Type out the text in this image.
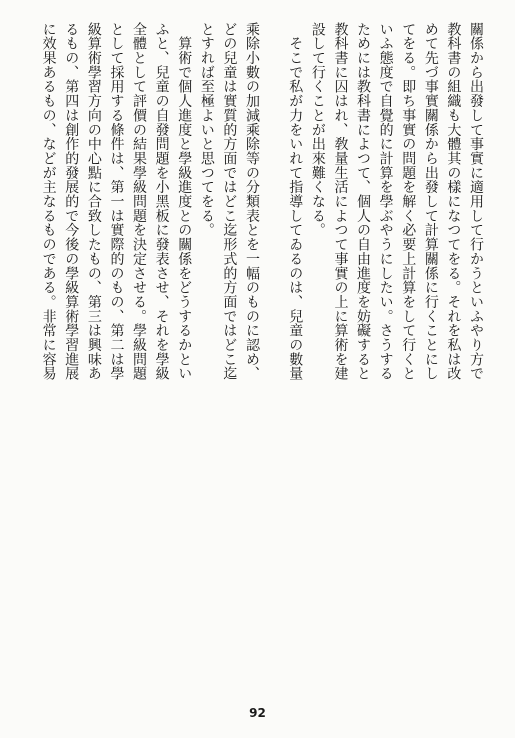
關係から出發して事實に適用して行かうといふやり方で
教科書の組織も大體其の樣になつてをる。それを私は改
めて先づ事實關係から出發して計算關係に行くことにし
てをる。即ち事實の問題を解く必要上計算をして行くと
いふ態度で自覺的に計算を學ぶやうにしたい。さうする
ためには教科書によつて、個人の自由進度を妨礙すると
教科書に囚はれ、敎量生活によつて事實の上に算術を建
設して行くことが出來難くなる。
　そこで私が力をいれて指導してゐるのは、兒童の數量
乘除小數の加減乘除等の分類表とを一幅のものに認め、
どの兒童は實質的方面ではどこ迄形式的方面ではどこ迄
とすれば至極よいと思つてをる。
　算術で個人進度と學級進度との關係をどうするかとい
ふと、兒童の自發問題を小黑板に發表させ、それを學級
全體として評價の結果學級問題を決定させる。學級問題
として採用する條件は、第一は實際的のもの、第二は學
級算術學習方向の中心點に合致したもの、第三は興味あ
るもの、第四は創作的發展的で今後の學級算術學習進展
に效果あるもの、などが主なるものである。非常に容易
92
